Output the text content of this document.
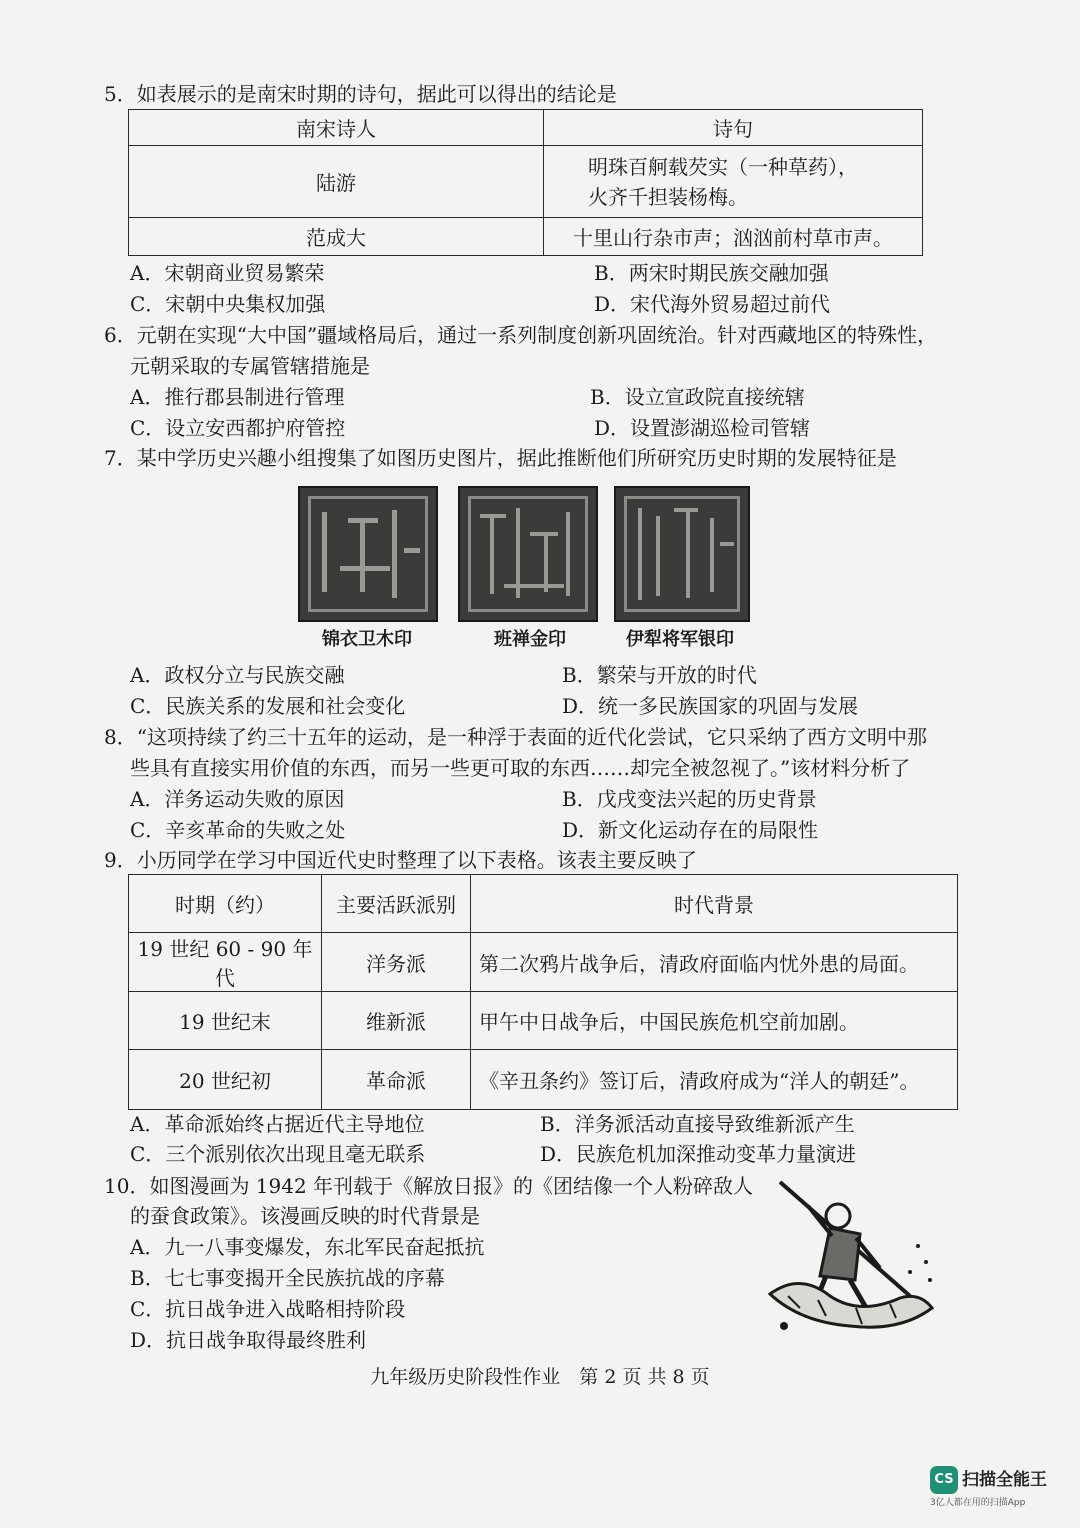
5．如表展示的是南宋时期的诗句，据此可以得出的结论是
南宋诗人	诗句
陆游	明珠百舸载芡实（一种草药），
火齐千担装杨梅。

范成大	十里山行杂市声；汹汹前村草市声。
A．宋朝商业贸易繁荣	B．两宋时期民族交融加强
C．宋朝中央集权加强	D．宋代海外贸易超过前代
6．元朝在实现“大中国”疆域格局后，通过一系列制度创新巩固统治。针对西藏地区的特殊性，
元朝采取的专属管辖措施是
A．推行郡县制进行管理	B．设立宣政院直接统辖
C．设立安西都护府管控	D．设置澎湖巡检司管辖
7．某中学历史兴趣小组搜集了如图历史图片，据此推断他们所研究历史时期的发展特征是
锦衣卫木印	班禅金印	伊犁将军银印
A．政权分立与民族交融	B．繁荣与开放的时代
C．民族关系的发展和社会变化	D．统一多民族国家的巩固与发展
8．“这项持续了约三十五年的运动，是一种浮于表面的近代化尝试，它只采纳了西方文明中那
些具有直接实用价值的东西，而另一些更可取的东西……却完全被忽视了。”该材料分析了
A．洋务运动失败的原因	B．戊戌变法兴起的历史背景
C．辛亥革命的失败之处	D．新文化运动存在的局限性
9．小历同学在学习中国近代史时整理了以下表格。该表主要反映了
时期（约）	主要活跃派别	时代背景
19 世纪 60 - 90 年代	洋务派	第二次鸦片战争后，清政府面临内忧外患的局面。
19 世纪末	维新派	甲午中日战争后，中国民族危机空前加剧。
20 世纪初	革命派	《辛丑条约》签订后，清政府成为“洋人的朝廷”。
A．革命派始终占据近代主导地位	B．洋务派活动直接导致维新派产生
C．三个派别依次出现且毫无联系	D．民族危机加深推动变革力量演进
10．如图漫画为 1942 年刊载于《解放日报》的《团结像一个人粉碎敌人
的蚕食政策》。该漫画反映的时代背景是
A．九一八事变爆发，东北军民奋起抵抗
B．七七事变揭开全民族抗战的序幕
C．抗日战争进入战略相持阶段
D．抗日战争取得最终胜利
九年级历史阶段性作业　第 2 页 共 8 页
CS 扫描全能王
3亿人都在用的扫描App
